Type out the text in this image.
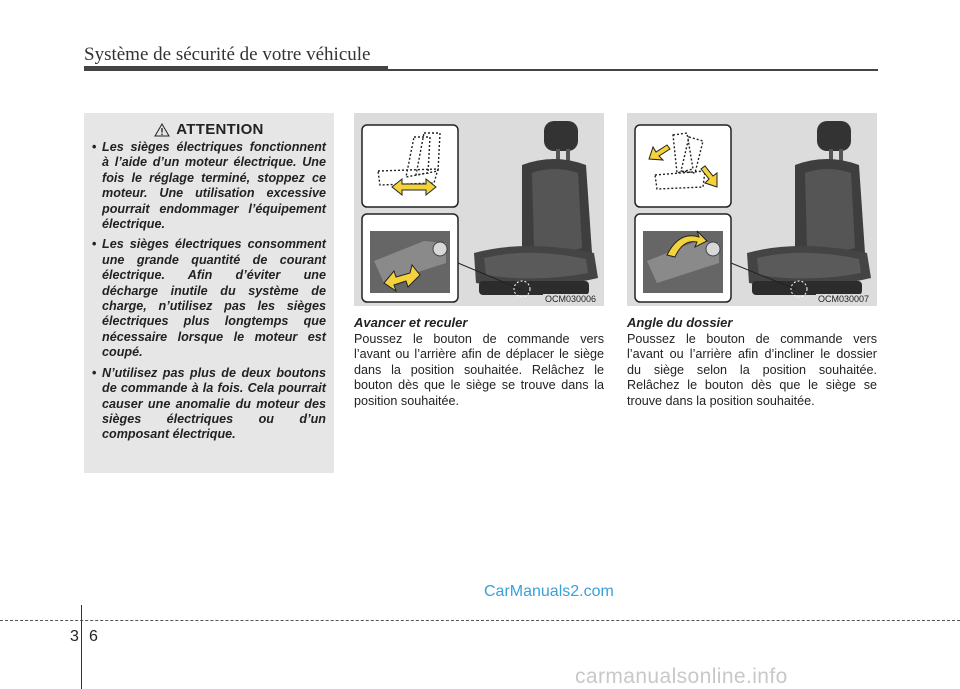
Système de sécurité de votre véhicule
ATTENTION
• Les sièges électriques fonctionnent à l’aide d’un moteur électrique. Une fois le réglage terminé, stoppez ce moteur. Une utilisation excessive pourrait endommager l’équipement électrique.
• Les sièges électriques consomment une grande quantité de courant électrique. Afin d’éviter une décharge inutile du système de charge, n’utilisez pas les sièges électriques plus longtemps que nécessaire lorsque le moteur est coupé.
• N’utilisez pas plus de deux boutons de commande à la fois. Cela pourrait causer une anomalie du moteur des sièges électriques ou d’un composant électrique.
OCM030006	OCM030007
Avancer et reculer
Poussez le bouton de commande vers l’avant ou l’arrière afin de déplacer le siège dans la position souhaitée. Relâchez le bouton dès que le siège se trouve dans la position souhaitée.
Angle du dossier
Poussez le bouton de commande vers l’avant ou l’arrière afin d’incliner le dossier du siège selon la position souhaitée. Relâchez le bouton dès que le siège se trouve dans la position souhaitée.
CarManuals2.com
3 6
carmanualsonline.info
